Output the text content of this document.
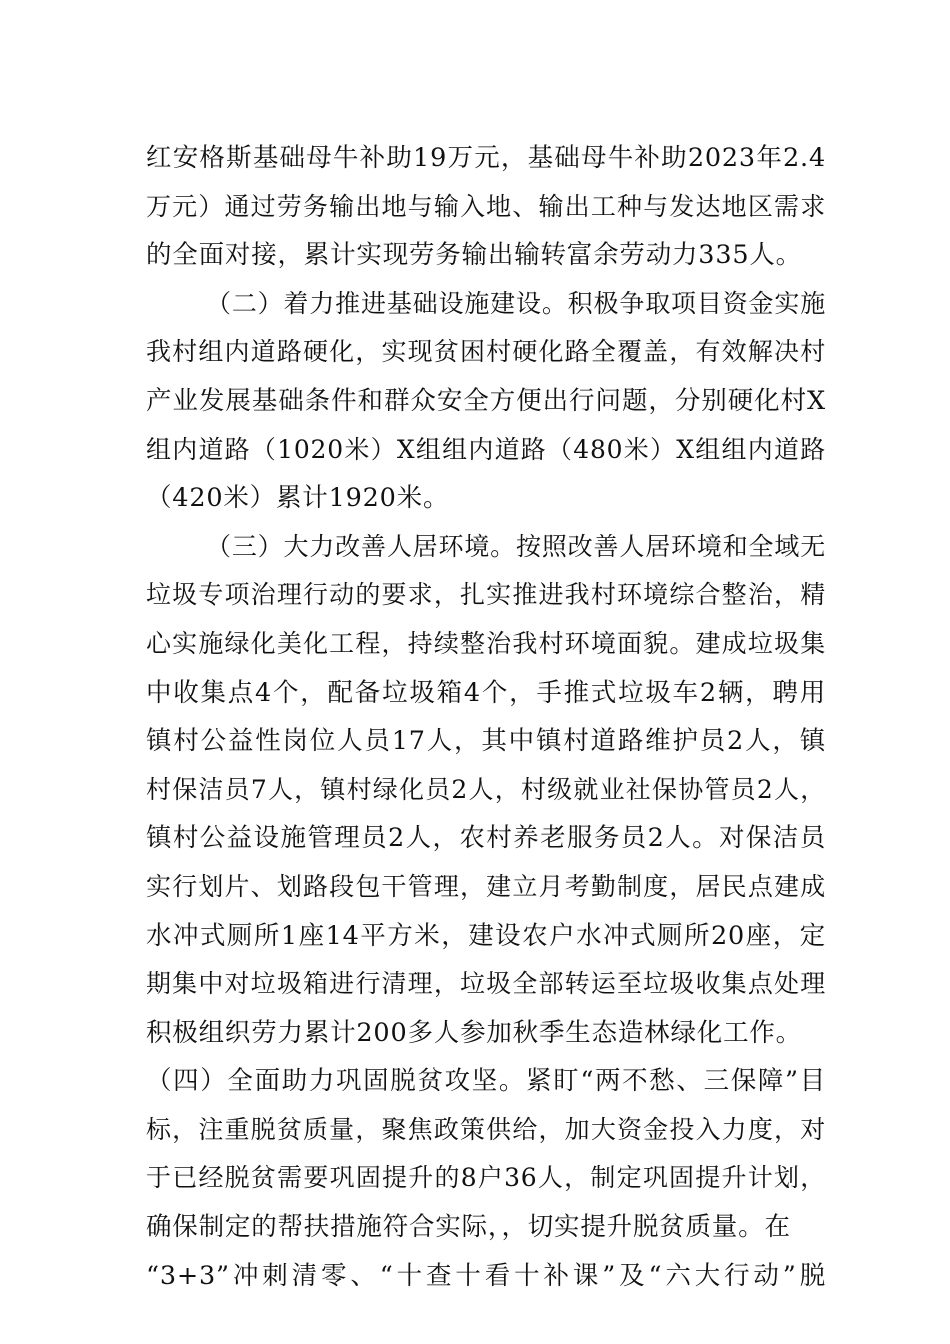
红安格斯基础母牛补助19万元，基础母牛补助2023年2.4
万元）通过劳务输出地与输入地、输出工种与发达地区需求
的全面对接，累计实现劳务输出输转富余劳动力335人。
（二）着力推进基础设施建设。积极争取项目资金实施
我村组内道路硬化，实现贫困村硬化路全覆盖，有效解决村
产业发展基础条件和群众安全方便出行问题，分别硬化村X
组内道路（1020米）X组组内道路（480米）X组组内道路
（420米）累计1920米。
（三）大力改善人居环境。按照改善人居环境和全域无
垃圾专项治理行动的要求，扎实推进我村环境综合整治，精
心实施绿化美化工程，持续整治我村环境面貌。建成垃圾集
中收集点4个，配备垃圾箱4个，手推式垃圾车2辆，聘用
镇村公益性岗位人员17人，其中镇村道路维护员2人，镇
村保洁员7人，镇村绿化员2人，村级就业社保协管员2人，
镇村公益设施管理员2人，农村养老服务员2人。对保洁员
实行划片、划路段包干管理，建立月考勤制度，居民点建成
水冲式厕所1座14平方米，建设农户水冲式厕所20座，定
期集中对垃圾箱进行清理，垃圾全部转运至垃圾收集点处理
积极组织劳力累计200多人参加秋季生态造林绿化工作。
（四）全面助力巩固脱贫攻坚。紧盯“两不愁、三保障”目
标，注重脱贫质量，聚焦政策供给，加大资金投入力度，对
于已经脱贫需要巩固提升的8户36人，制定巩固提升计划，
确保制定的帮扶措施符合实际，，切实提升脱贫质量。在
“3+3”冲刺清零、“十查十看十补课”及“六大行动”脱
